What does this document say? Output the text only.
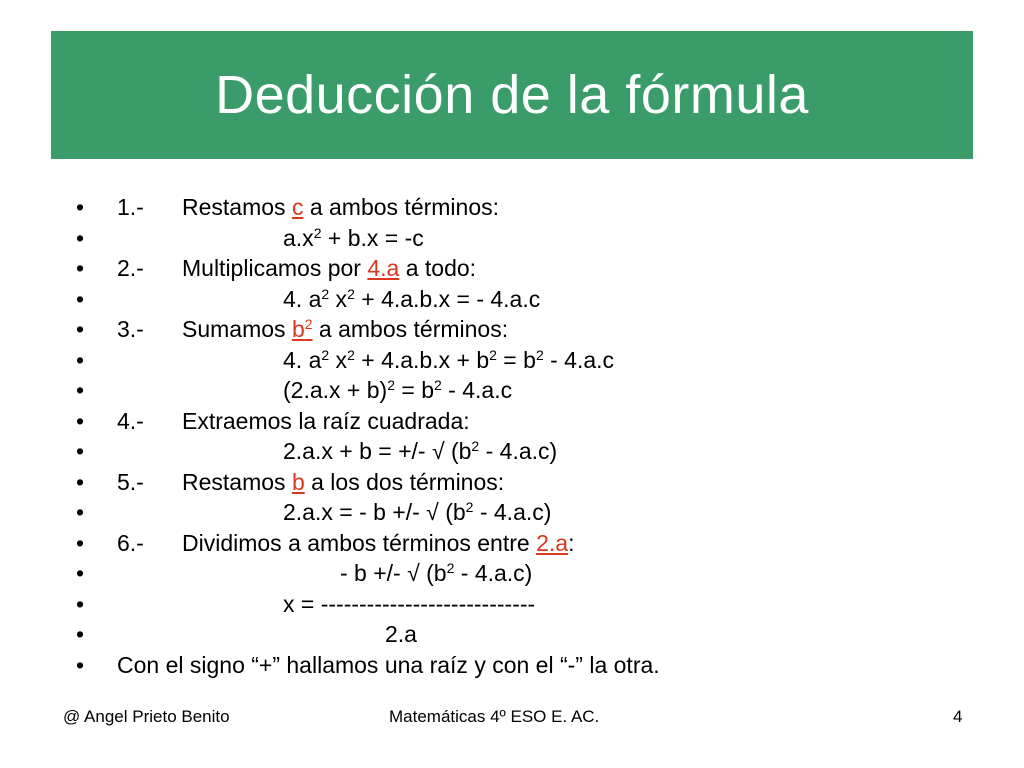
Deducción de la fórmula
• 1.- Restamos c a ambos términos:
•	$a.x^2 + b.x = -c$
• 2.- Multiplicamos por 4.a a todo:
•	4. $a^2$ $x^2 + 4.a.b.x$ = - 4.a.c
• 3.- Sumamos $b^2$ a ambos términos:
•	4. $a^2$ $x^2 + 4.a.b.x + b^2 = b^2 - 4.a.c$
•	$(2.a.x + b)^2 = b^2 - 4.a.c$
• 4.- Extraemos la raíz cuadrada:
•	2.a.x + b = +/- √ $(b^2 - 4.a.c)$
• 5.- Restamos b a los dos términos:
•	2.a.x = - b +/- √ $(b^2 - 4.a.c)$
• 6.- Dividimos a ambos términos entre 2.a:
•	- b +/- √ $(b^2 - 4.a.c)$
•	x = ----------------------------
•	2.a
• Con el signo “+” hallamos una raíz y con el “-” la otra.
@ Angel Prieto Benito	Matemáticas 4º ESO E. AC.	4
